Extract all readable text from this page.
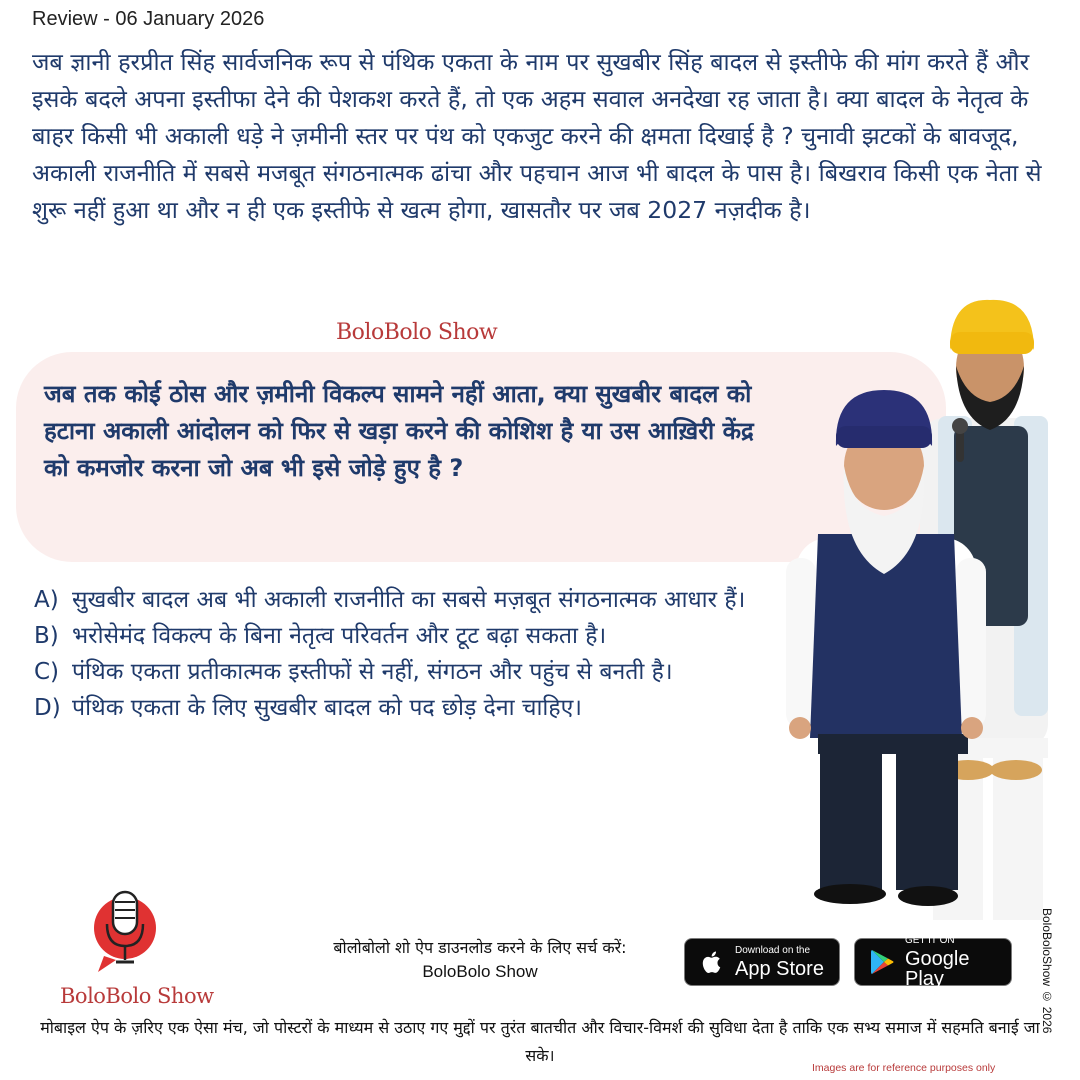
Review - 06 January 2026

जब ज्ञानी हरप्रीत सिंह सार्वजनिक रूप से पंथिक एकता के नाम पर सुखबीर सिंह बादल से इस्तीफे की मांग करते हैं और इसके बदले अपना इस्तीफा देने की पेशकश करते हैं, तो एक अहम सवाल अनदेखा रह जाता है। क्या बादल के नेतृत्व के बाहर किसी भी अकाली धड़े ने ज़मीनी स्तर पर पंथ को एकजुट करने की क्षमता दिखाई है ? चुनावी झटकों के बावजूद, अकाली राजनीति में सबसे मजबूत संगठनात्मक ढांचा और पहचान आज भी बादल के पास है। बिखराव किसी एक नेता से शुरू नहीं हुआ था और न ही एक इस्तीफे से खत्म होगा, खासतौर पर जब 2027 नज़दीक है।

BoloBolo Show

जब तक कोई ठोस और ज़मीनी विकल्प सामने नहीं आता, क्या सुखबीर बादल को हटाना अकाली आंदोलन को फिर से खड़ा करने की कोशिश है या उस आख़िरी केंद्र को कमजोर करना जो अब भी इसे जोड़े हुए है ?

A) सुखबीर बादल अब भी अकाली राजनीति का सबसे मज़बूत संगठनात्मक आधार हैं।
B) भरोसेमंद विकल्प के बिना नेतृत्व परिवर्तन और टूट बढ़ा सकता है।
C) पंथिक एकता प्रतीकात्मक इस्तीफों से नहीं, संगठन और पहुंच से बनती है।
D) पंथिक एकता के लिए सुखबीर बादल को पद छोड़ देना चाहिए।
BoloBolo Show
बोलोबोलो शो ऐप डाउनलोड करने के लिए सर्च करें:
BoloBolo Show
Download on the
App Store
GET IT ON
Google Play

मोबाइल ऐप के ज़रिए एक ऐसा मंच, जो पोस्टरों के माध्यम से उठाए गए मुद्दों पर तुरंत बातचीत और विचार-विमर्श की सुविधा देता है ताकि एक सभ्य समाज में सहमति बनाई जा सके।

Images are for reference purposes only
BoloBoloShow © 2026
